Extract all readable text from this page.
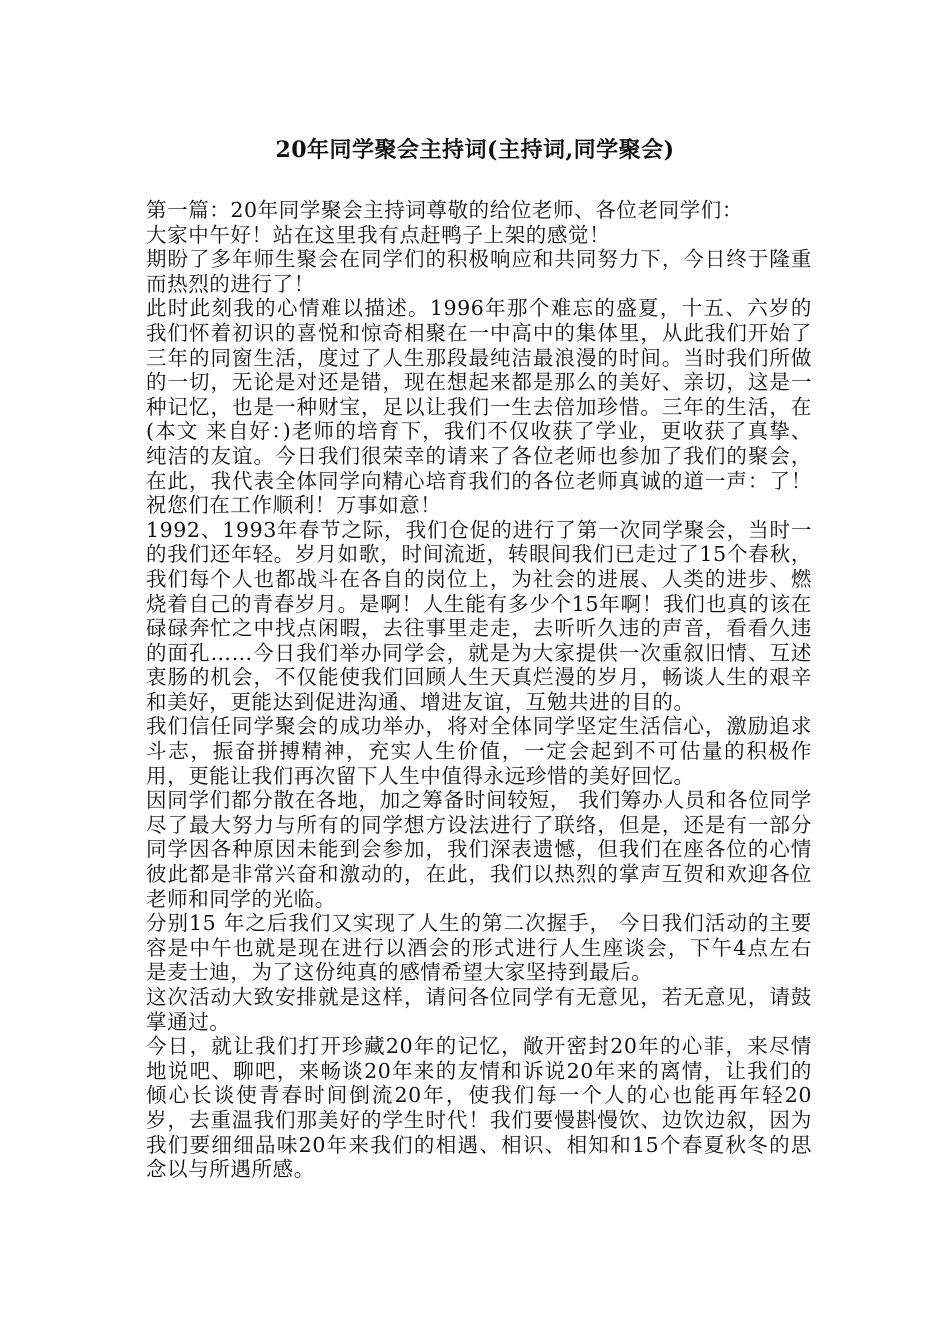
20年同学聚会主持词(主持词,同学聚会)

第一篇：20年同学聚会主持词尊敬的给位老师、各位老同学们：

大家中午好！站在这里我有点赶鸭子上架的感觉！

期盼了多年师生聚会在同学们的积极响应和共同努力下，今日终于隆重而热烈的进行了！

此时此刻我的心情难以描述。1996年那个难忘的盛夏，十五、六岁的我们怀着初识的喜悦和惊奇相聚在一中高中的集体里，从此我们开始了三年的同窗生活，度过了人生那段最纯洁最浪漫的时间。当时我们所做的一切，无论是对还是错，现在想起来都是那么的美好、亲切，这是一种记忆，也是一种财宝，足以让我们一生去倍加珍惜。三年的生活，在(本文 来自好：)老师的培育下，我们不仅收获了学业，更收获了真挚、纯洁的友谊。今日我们很荣幸的请来了各位老师也参加了我们的聚会，在此，我代表全体同学向精心培育我们的各位老师真诚的道一声：了！祝您们在工作顺利！万事如意！

1992、1993年春节之际，我们仓促的进行了第一次同学聚会，当时一的我们还年轻。岁月如歌，时间流逝，转眼间我们已走过了15个春秋，我们每个人也都战斗在各自的岗位上，为社会的进展、人类的进步、燃烧着自己的青春岁月。是啊！人生能有多少个15年啊！我们也真的该在碌碌奔忙之中找点闲暇，去往事里走走，去听听久违的声音，看看久违的面孔……今日我们举办同学会，就是为大家提供一次重叙旧情、互述衷肠的机会，不仅能使我们回顾人生天真烂漫的岁月，畅谈人生的艰辛和美好，更能达到促进沟通、增进友谊，互勉共进的目的。

我们信任同学聚会的成功举办，将对全体同学坚定生活信心，激励追求斗志，振奋拼搏精神，充实人生价值，一定会起到不可估量的积极作用，更能让我们再次留下人生中值得永远珍惜的美好回忆。

因同学们都分散在各地，加之筹备时间较短， 我们筹办人员和各位同学尽了最大努力与所有的同学想方设法进行了联络，但是，还是有一部分同学因各种原因未能到会参加，我们深表遗憾，但我们在座各位的心情彼此都是非常兴奋和激动的，在此，我们以热烈的掌声互贺和欢迎各位老师和同学的光临。

分别15 年之后我们又实现了人生的第二次握手， 今日我们活动的主要容是中午也就是现在进行以酒会的形式进行人生座谈会，下午4点左右是麦士迪，为了这份纯真的感情希望大家坚持到最后。

这次活动大致安排就是这样，请问各位同学有无意见，若无意见，请鼓掌通过。

今日，就让我们打开珍藏20年的记忆，敞开密封20年的心菲，来尽情地说吧、聊吧，来畅谈20年来的友情和诉说20年来的离情，让我们的倾心长谈使青春时间倒流20年，使我们每一个人的心也能再年轻20岁，去重温我们那美好的学生时代！我们要慢斟慢饮、边饮边叙，因为我们要细细品味20年来我们的相遇、相识、相知和15个春夏秋冬的思念以与所遇所感。
